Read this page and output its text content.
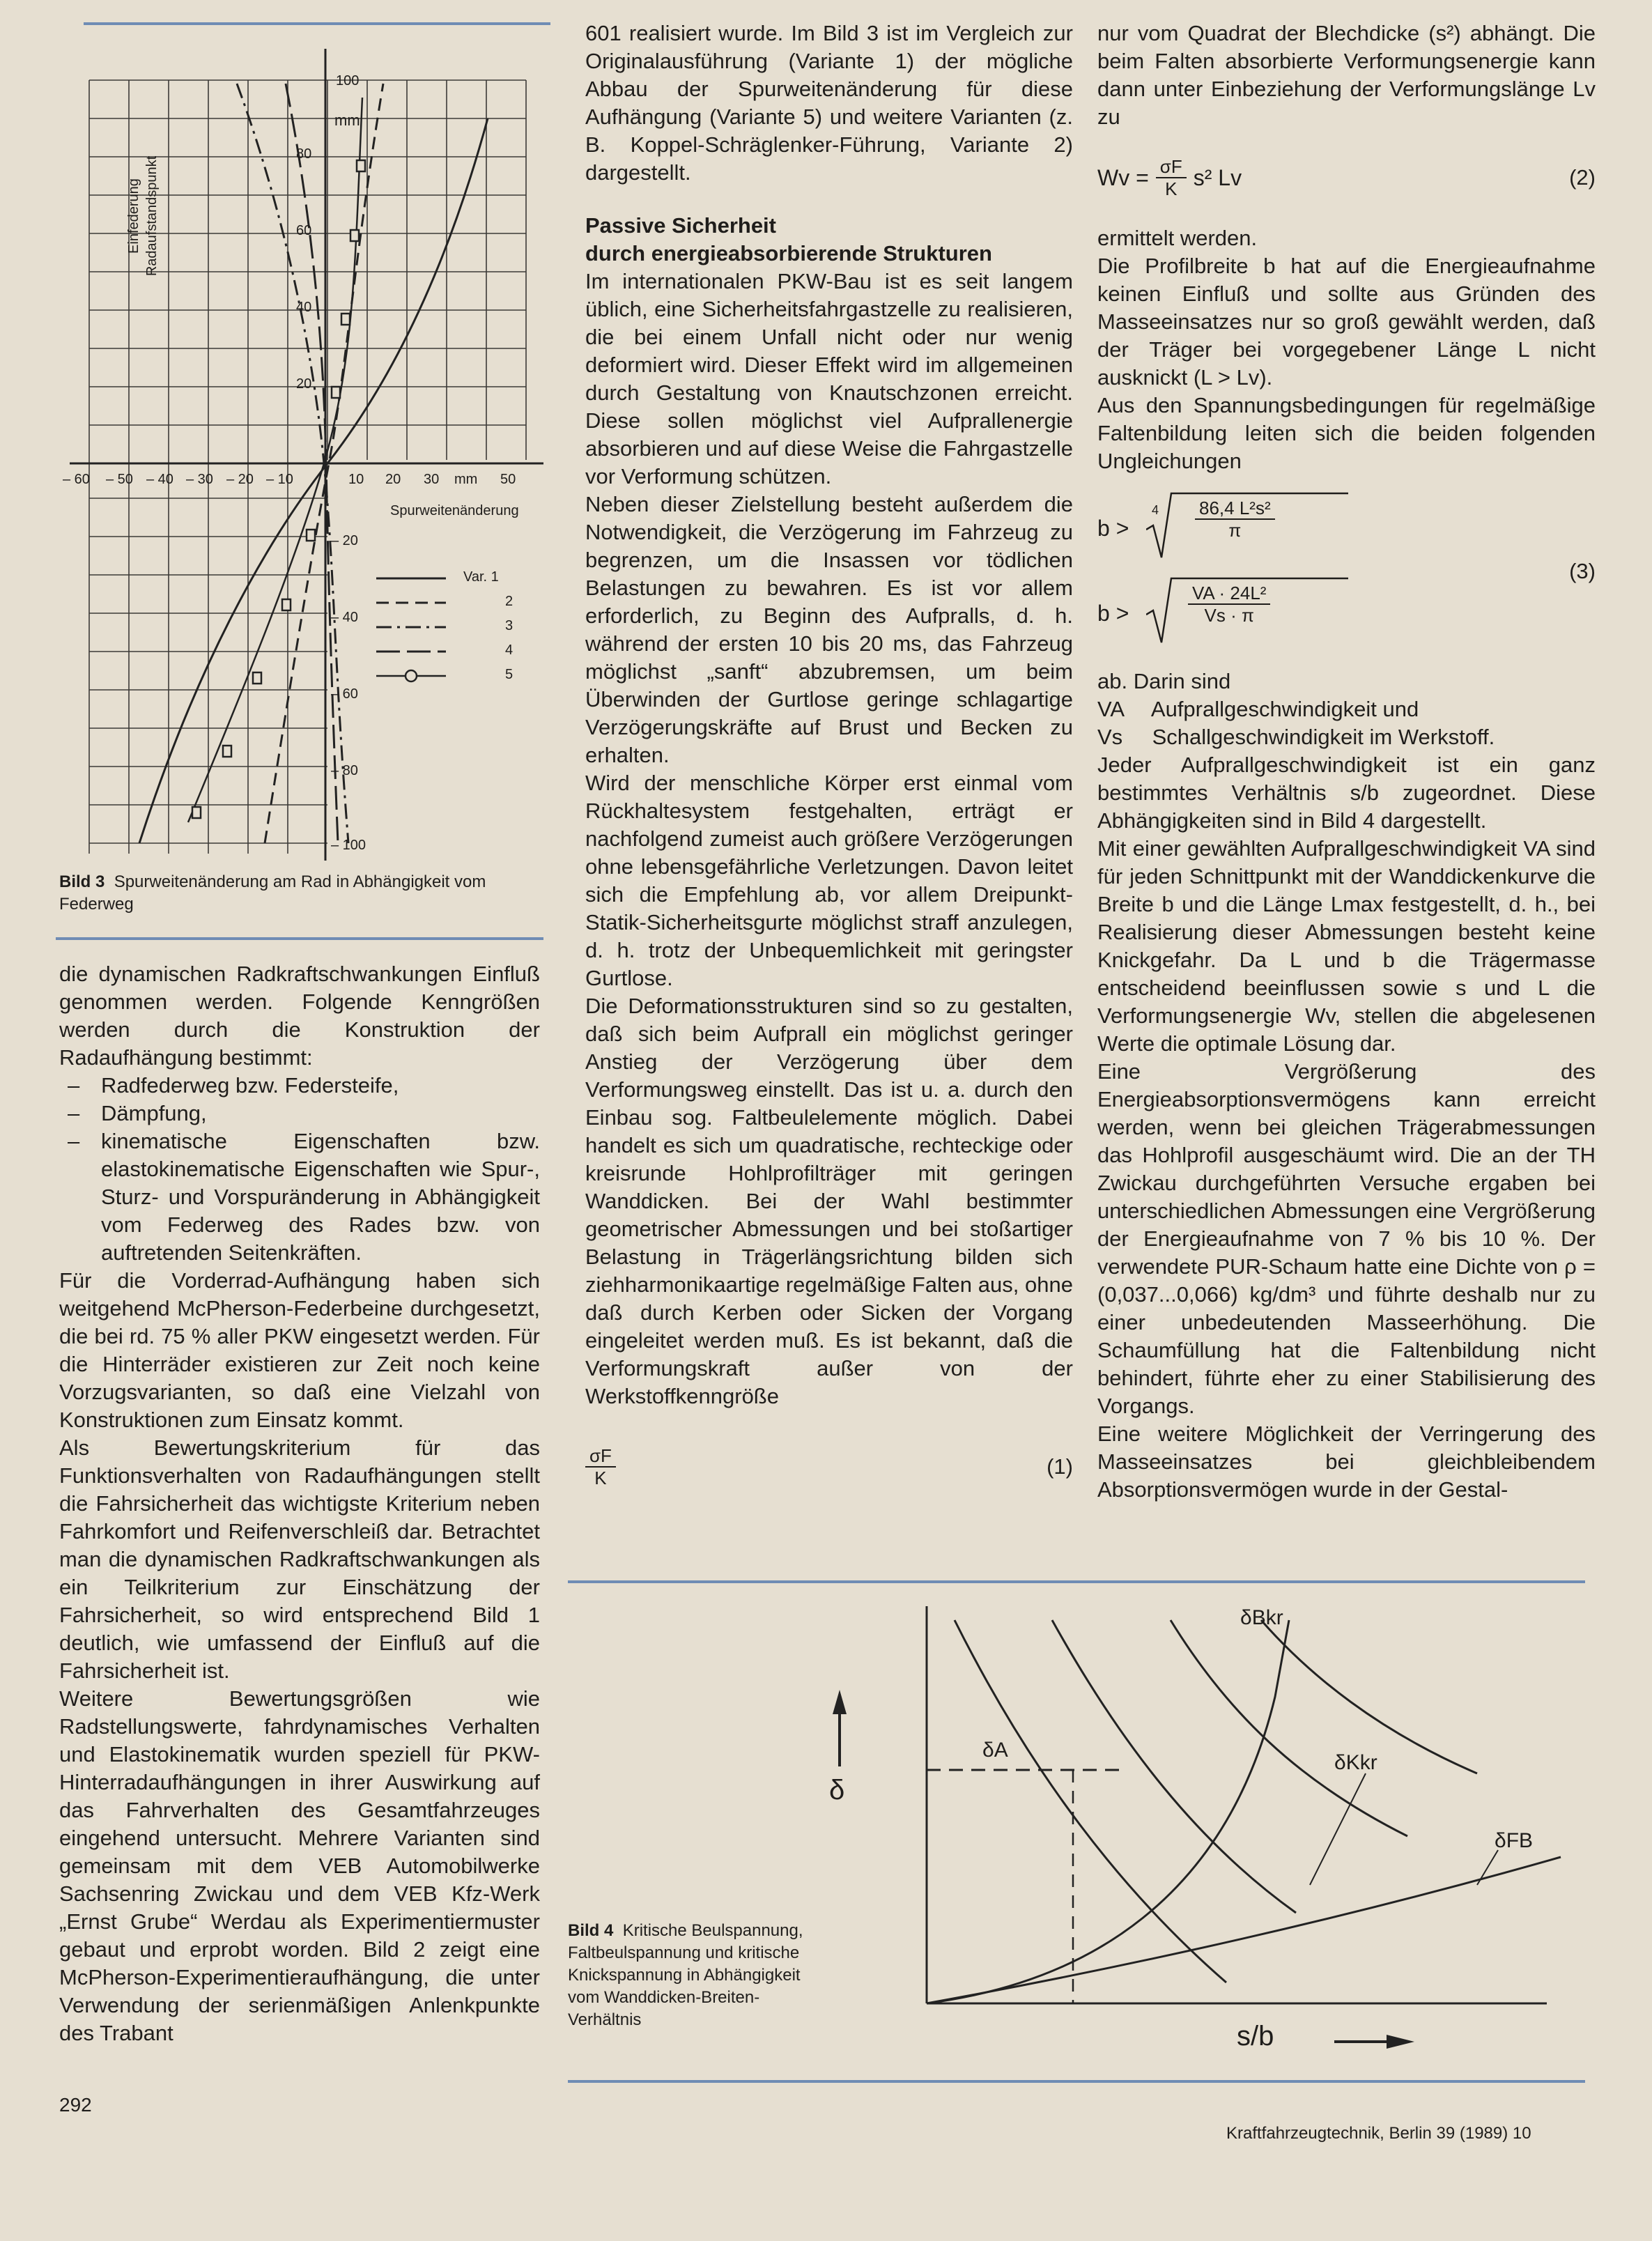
mm
100
80
60
40
20
– 20
– 40
– 60
– 80
– 100
– 60 – 50 – 40 – 30 – 20 – 10	10 20 30 mm 50
Spurweitenänderung
Einfederung Radaufstandspunkt
Var. 1
2
3
4
5
Bild 3 Spurweitenänderung am Rad in Abhängigkeit vom Federweg

die dynamischen Radkraftschwankungen Einfluß genommen werden. Folgende Kenngrößen werden durch die Konstruktion der Radaufhängung bestimmt:

– Radfederweg bzw. Federsteife,
– Dämpfung,
– kinematische Eigenschaften bzw. elastokinematische Eigenschaften wie Spur-, Sturz- und Vorspuränderung in Abhängigkeit vom Federweg des Rades bzw. von auftretenden Seitenkräften.

Für die Vorderrad-Aufhängung haben sich weitgehend McPherson-Federbeine durchgesetzt, die bei rd. 75 % aller PKW eingesetzt werden. Für die Hinterräder existieren zur Zeit noch keine Vorzugsvarianten, so daß eine Vielzahl von Konstruktionen zum Einsatz kommt.

Als Bewertungskriterium für das Funktionsverhalten von Radaufhängungen stellt die Fahrsicherheit das wichtigste Kriterium neben Fahrkomfort und Reifenverschleiß dar. Betrachtet man die dynamischen Radkraftschwankungen als ein Teilkriterium zur Einschätzung der Fahrsicherheit, so wird entsprechend Bild 1 deutlich, wie umfassend der Einfluß auf die Fahrsicherheit ist.

Weitere Bewertungsgrößen wie Radstellungswerte, fahrdynamisches Verhalten und Elastokinematik wurden speziell für PKW-Hinterradaufhängungen in ihrer Auswirkung auf das Fahrverhalten des Gesamtfahrzeuges eingehend untersucht. Mehrere Varianten sind gemeinsam mit dem VEB Automobilwerke Sachsenring Zwickau und dem VEB Kfz-Werk „Ernst Grube“ Werdau als Experimentiermuster gebaut und erprobt worden. Bild 2 zeigt eine McPherson-Experimentieraufhängung, die unter Verwendung der serienmäßigen Anlenkpunkte des Trabant

601 realisiert wurde. Im Bild 3 ist im Vergleich zur Originalausführung (Variante 1) der mögliche Abbau der Spurweitenänderung für diese Aufhängung (Variante 5) und weitere Varianten (z. B. Koppel-Schräglenker-Führung, Variante 2) dargestellt.

Passive Sicherheit

durch energieabsorbierende Strukturen

Im internationalen PKW-Bau ist es seit langem üblich, eine Sicherheitsfahrgastzelle zu realisieren, die bei einem Unfall nicht oder nur wenig deformiert wird. Dieser Effekt wird im allgemeinen durch Gestaltung von Knautschzonen erreicht. Diese sollen möglichst viel Aufprallenergie absorbieren und auf diese Weise die Fahrgastzelle vor Verformung schützen.

Neben dieser Zielstellung besteht außerdem die Notwendigkeit, die Verzögerung im Fahrzeug zu begrenzen, um die Insassen vor tödlichen Belastungen zu bewahren. Es ist vor allem erforderlich, zu Beginn des Aufpralls, d. h. während der ersten 10 bis 20 ms, das Fahrzeug möglichst „sanft“ abzubremsen, um beim Überwinden der Gurtlose geringe schlagartige Verzögerungskräfte auf Brust und Becken zu erhalten.

Wird der menschliche Körper erst einmal vom Rückhaltesystem festgehalten, erträgt er nachfolgend zumeist auch größere Verzögerungen ohne lebensgefährliche Verletzungen. Davon leitet sich die Empfehlung ab, vor allem Dreipunkt-Statik-Sicherheitsgurte möglichst straff anzulegen, d. h. trotz der Unbequemlichkeit mit geringster Gurtlose.

Die Deformationsstrukturen sind so zu gestalten, daß sich beim Aufprall ein möglichst geringer Anstieg der Verzögerung über dem Verformungsweg einstellt. Das ist u. a. durch den Einbau sog. Faltbeulelemente möglich. Dabei handelt es sich um quadratische, rechteckige oder kreisrunde Hohlprofilträger mit geringen Wanddicken. Bei der Wahl bestimmter geometrischer Abmessungen und bei stoßartiger Belastung in Trägerlängsrichtung bilden sich ziehharmonikaartige regelmäßige Falten aus, ohne daß durch Kerben oder Sicken der Vorgang eingeleitet werden muß. Es ist bekannt, daß die Verformungskraft außer von der Werkstoffkenngröße

$\frac{\sigma F}{K}$	(1)

nur vom Quadrat der Blechdicke (s²) abhängt. Die beim Falten absorbierte Verformungsenergie kann dann unter Einbeziehung der Verformungslänge Lv zu

$Wv = \frac{\sigma F}{K} s^2$ Lv	(2)

ermittelt werden.

Die Profilbreite b hat auf die Energieaufnahme keinen Einfluß und sollte aus Gründen des Masseeinsatzes nur so groß gewählt werden, daß der Träger bei vorgegebener Länge L nicht ausknickt (L > Lv).

Aus den Spannungsbedingungen für regelmäßige Faltenbildung leiten sich die beiden folgenden Ungleichungen

b >
$4 \frac{\text{86,4 L²s²}}{\pi}$
b >	$\frac{\text{VA · 24L²}}{Vs \cdot \pi}$
(3)

ab. Darin sind

VA Aufprallgeschwindigkeit und

Vs Schallgeschwindigkeit im Werkstoff.

Jeder Aufprallgeschwindigkeit ist ein ganz bestimmtes Verhältnis s/b zugeordnet. Diese Abhängigkeiten sind in Bild 4 dargestellt.

Mit einer gewählten Aufprallgeschwindigkeit VA sind für jeden Schnittpunkt mit der Wanddickenkurve die Breite b und die Länge Lmax festgestellt, d. h., bei Realisierung dieser Abmessungen besteht keine Knickgefahr. Da L und b die Trägermasse entscheidend beeinflussen sowie s und L die Verformungsenergie Wv, stellen die abgelesenen Werte die optimale Lösung dar.

Eine Vergrößerung des Energieabsorptionsvermögens kann erreicht werden, wenn bei gleichen Trägerabmessungen das Hohlprofil ausgeschäumt wird. Die an der TH Zwickau durchgeführten Versuche ergaben bei unterschiedlichen Abmessungen eine Vergrößerung der Energieaufnahme von 7 % bis 10 %. Der verwendete PUR-Schaum hatte eine Dichte von ρ = (0,037...0,066) kg/dm³ und führte deshalb nur zu einer unbedeutenden Masseerhöhung. Die Schaumfüllung hat die Faltenbildung nicht behindert, führte eher zu einer Stabilisierung des Vorgangs.

Eine weitere Möglichkeit der Verringerung des Masseeinsatzes bei gleichbleibendem Absorptionsvermögen wurde in der Gestal-

δ
s/b
δBkr
δKkr
δFB
δA
Bild 4 Kritische Beulspannung, Faltbeulspannung und kritische Knickspannung in Abhängigkeit vom Wanddicken-Breiten-Verhältnis
292
Kraftfahrzeugtechnik, Berlin 39 (1989) 10
